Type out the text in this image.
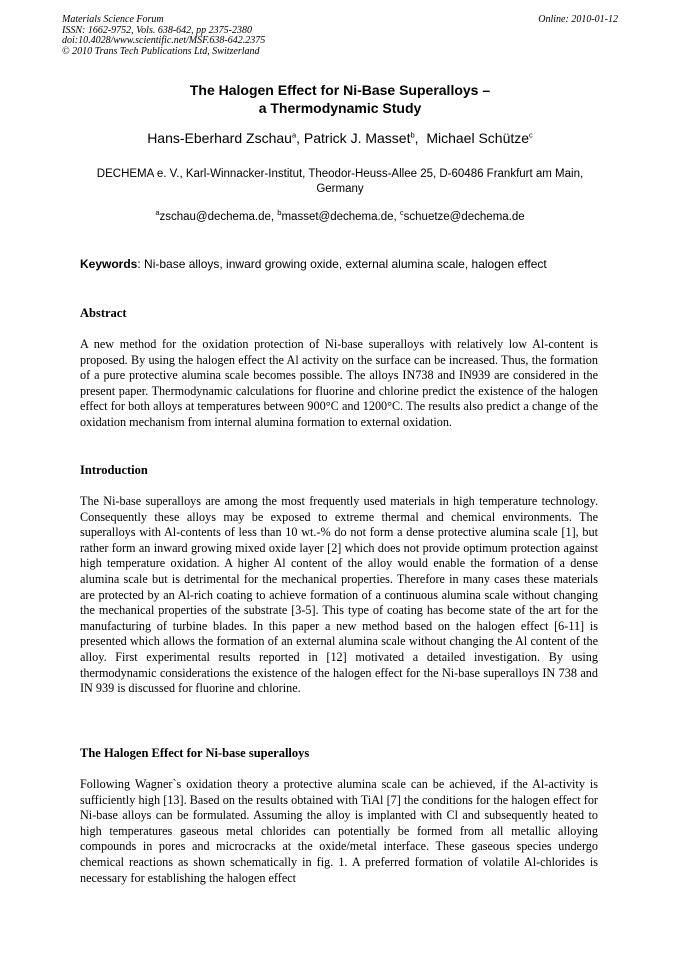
Materials Science Forum
ISSN: 1662-9752, Vols. 638-642, pp 2375-2380
doi:10.4028/www.scientific.net/MSF.638-642.2375
© 2010 Trans Tech Publications Ltd, Switzerland
Online: 2010-01-12
The Halogen Effect for Ni-Base Superalloys –
a Thermodynamic Study
Hans-Eberhard Zschau$^a$, Patrick J. Masset$^b$,  Michael Schütze$^c$
DECHEMA e. V., Karl-Winnacker-Institut, Theodor-Heuss-Allee 25, D-60486 Frankfurt am Main, Germany
$^a$zschau@dechema.de, $^b$masset@dechema.de, $^c$schuetze@dechema.de
Keywords: Ni-base alloys, inward growing oxide, external alumina scale, halogen effect
Abstract
A new method for the oxidation protection of Ni-base superalloys with relatively low Al-content is proposed. By using the halogen effect the Al activity on the surface can be increased. Thus, the formation of a pure protective alumina scale becomes possible. The alloys IN738 and IN939 are considered in the present paper. Thermodynamic calculations for fluorine and chlorine predict the existence of the halogen effect for both alloys at temperatures between 900°C and 1200°C. The results also predict a change of the oxidation mechanism from internal alumina formation to external oxidation.
Introduction
The Ni-base superalloys are among the most frequently used materials in high temperature technology. Consequently these alloys may be exposed to extreme thermal and chemical environments. The superalloys with Al-contents of less than 10 wt.-% do not form a dense protective alumina scale [1], but rather form an inward growing mixed oxide layer [2] which does not provide optimum protection against high temperature oxidation. A higher Al content of the alloy would enable the formation of a dense alumina scale but is detrimental for the mechanical properties. Therefore in many cases these materials are protected by an Al-rich coating to achieve formation of a continuous alumina scale without changing the mechanical properties of the substrate [3-5]. This type of coating has become state of the art for the manufacturing of turbine blades. In this paper a new method based on the halogen effect [6-11] is presented which allows the formation of an external alumina scale without changing the Al content of the alloy. First experimental results reported in [12] motivated a detailed investigation. By using thermodynamic considerations the existence of the halogen effect for the Ni-base superalloys IN 738 and IN 939 is discussed for fluorine and chlorine.
The Halogen Effect for Ni-base superalloys
Following Wagner`s oxidation theory a protective alumina scale can be achieved, if the Al-activity is sufficiently high [13]. Based on the results obtained with TiAl [7] the conditions for the halogen effect for Ni-base alloys can be formulated. Assuming the alloy is implanted with Cl and subsequently heated to high temperatures gaseous metal chlorides can potentially be formed from all metallic alloying compounds in pores and microcracks at the oxide/metal interface. These gaseous species undergo chemical reactions as shown schematically in fig. 1. A preferred formation of volatile Al-chlorides is necessary for establishing the halogen effect
